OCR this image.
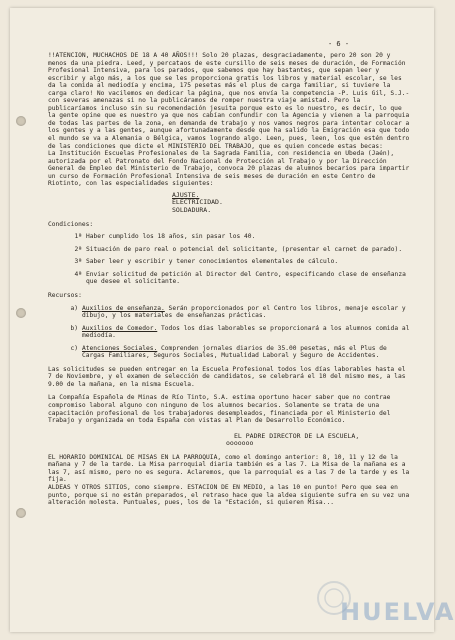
- 6 -

!!ATENCION, MUCHACHOS DE 18 A 40 AÑOS!!! Solo 20 plazas, desgraciadamente, pero 20 son 20 y menos da una piedra. Leed, y percataos de este cursillo de seis meses de duración, de Formación Profesional Intensiva, para los parados, que sabemos que hay bastantes, que sepan leer y escribir y algo más, a los que se les proporciona gratis los libros y material escolar, se les da la comida al mediodía y encima, 175 pesetas más el plus de carga familiar, si tuviere la carga claro! No vacilemos en dedicar la página, que nos envía la competencia -P. Luis Gil, S.J.- con severas amenazas si no la publicáramos de romper nuestra viaje amistad. Pero la publicaríamos incluso sin su recomendación jesuita porque esto es lo nuestro, es decir, lo que la gente opine que es nuestro ya que nos cabían confundir con la Agencia y vienen a la parroquia de todas las partes de la zona, en demanda de trabajo y nos vamos negros para intentar colocar a los gentes y a las gentes, aunque afortunadamente desde que ha salido la Emigración esa que todo el mundo se va a Alemania o Bélgica, vamos logrando algo. Leen, pues, leen, los que estén dentro de las condiciones que dicte el MINISTERIO DEL TRABAJO, que es quien concede estas becas:

La Institución Escuelas Profesionales de la Sagrada Familia, con residencia en Ubeda (Jaén), autorizada por el Patronato del Fondo Nacional de Protección al Trabajo y por la Dirección General de Empleo del Ministerio de Trabajo, convoca 20 plazas de alumnos becarios para impartir un curso de Formación Profesional Intensiva de seis meses de duración en este Centro de Riotinto, con las especialidades siguientes:

AJUSTE.
ELECTRICIDAD.
SOLDADURA.
Condiciones:
1ª Haber cumplido los 18 años, sin pasar los 40.
2ª Situación de paro real o potencial del solicitante, (presentar el carnet de parado).
3ª Saber leer y escribir y tener conocimientos elementales de cálculo.
4ª Enviar solicitud de petición al Director del Centro, especificando clase de enseñanza que desee el solicitante.
Recursos:
a) Auxilios de enseñanza. Serán proporcionados por el Centro los libros, menaje escolar y dibujo, y los materiales de enseñanzas prácticas.
b) Auxilios de Comedor. Todos los días laborables se proporcionará a los alumnos comida al mediodía.
c) Atenciones Sociales. Comprenden jornales diarios de 35.00 pesetas, más el Plus de Cargas Familiares, Seguros Sociales, Mutualidad Laboral y Seguro de Accidentes.

Las solicitudes se pueden entregar en la Escuela Profesional todos los días laborables hasta el 7 de Noviembre, y el examen de selección de candidatos, se celebrará el 10 del mismo mes, a las 9.00 de la mañana, en la misma Escuela.

La Compañía Española de Minas de Río Tinto, S.A. estima oportuno hacer saber que no contrae compromiso laboral alguno con ninguno de los alumnos becarios. Solamente se trata de una capacitación profesional de los trabajadores desempleados, financiada por el Ministerio del Trabajo y organizada en toda España con vistas al Plan de Desarrollo Económico.

EL PADRE DIRECTOR DE LA ESCUELA,
ooooooo

EL HORARIO DOMINICAL DE MISAS EN LA PARROQUIA, como el domingo anterior: 8, 10, 11 y 12 de la mañana y 7 de la tarde. La Misa parroquial diaria también es a las 7. La Misa de la mañana es a las 7, así mismo, pero no es segura. Aclaremos, que la parroquial es a las 7 de la tarde y es la fija.

ALDEAS Y OTROS SITIOS, como siempre. ESTACION DE EN MEDIO, a las 10 en punto! Pero que sea en punto, porque si no están preparados, el retraso hace que la aldea siguiente sufra en su vez una alteración molesta. Puntuales, pues, los de la "Estación, si quieren Misa...

HUELVA
